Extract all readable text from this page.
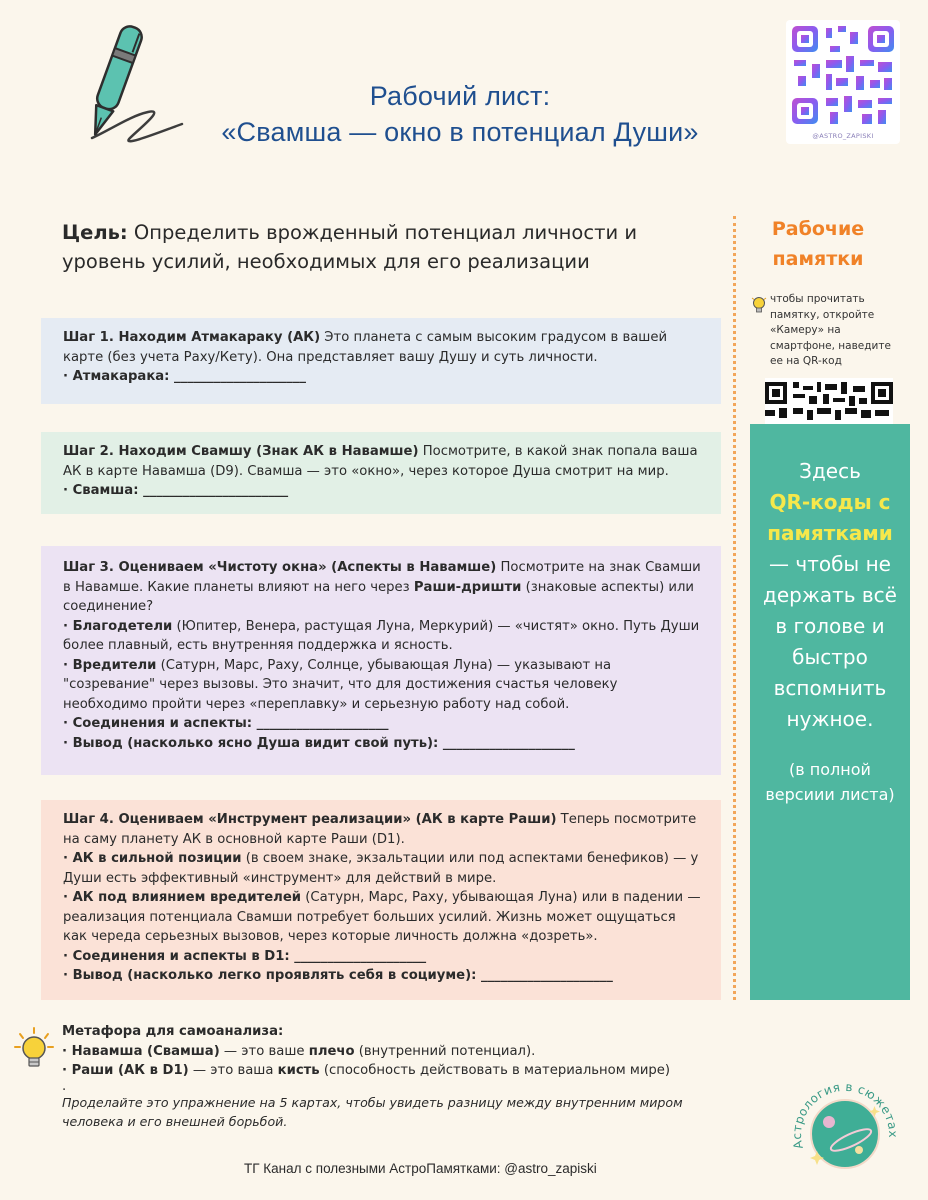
Рабочий лист:
«Свамша — окно в потенциал Души»	@ASTRO_ZAPISKI
Цель: Определить врожденный потенциал личности и уровень усилий, необходимых для его реализации

Шаг 1. Находим Атмакараку (АК) Это планета с самым высоким градусом в вашей карте (без учета Раху/Кету). Она представляет вашу Душу и суть личности.

· Атмакарака: ____________________

Шаг 2. Находим Свамшу (Знак АК в Навамше) Посмотрите, в какой знак попала ваша АК в карте Навамша (D9). Свамша — это «окно», через которое Душа смотрит на мир.

· Свамша: ______________________

Шаг 3. Оцениваем «Чистоту окна» (Аспекты в Навамше) Посмотрите на знак Свамши в Навамше. Какие планеты влияют на него через Раши-дришти (знаковые аспекты) или соединение?

· Благодетели (Юпитер, Венера, растущая Луна, Меркурий) — «чистят» окно. Путь Души более плавный, есть внутренняя поддержка и ясность.

· Вредители (Сатурн, Марс, Раху, Солнце, убывающая Луна) — указывают на "созревание" через вызовы. Это значит, что для достижения счастья человеку необходимо пройти через «переплавку» и серьезную работу над собой.

· Соединения и аспекты: ____________________

· Вывод (насколько ясно Душа видит свой путь): ____________________

Шаг 4. Оцениваем «Инструмент реализации» (АК в карте Раши) Теперь посмотрите на саму планету АК в основной карте Раши (D1).

· АК в сильной позиции (в своем знаке, экзальтации или под аспектами бенефиков) — у Души есть эффективный «инструмент» для действий в мире.

· АК под влиянием вредителей (Сатурн, Марс, Раху, убывающая Луна) или в падении — реализация потенциала Свамши потребует больших усилий. Жизнь может ощущаться как череда серьезных вызовов, через которые личность должна «дозреть».

· Соединения и аспекты в D1: ____________________

· Вывод (насколько легко проявлять себя в социуме): ____________________

Рабочие памятки
чтобы прочитать памятку, откройте «Камеру» на смартфоне, наведите ее на QR-код
Здесь
QR-коды с
памятками
— чтобы не держать всё в голове и быстро вспомнить нужное.
(в полной версиии листа)

Метафора для самоанализа:

· Навамша (Свамша) — это ваше плечо (внутренний потенциал).

· Раши (АК в D1) — это ваша кисть (способность действовать в материальном мире)

.

Проделайте это упражнение на 5 картах, чтобы увидеть разницу между внутренним миром человека и его внешней борьбой.

ТГ Канал с полезными АстроПамятками: @astro_zapiski
Астрология в сюжетах
